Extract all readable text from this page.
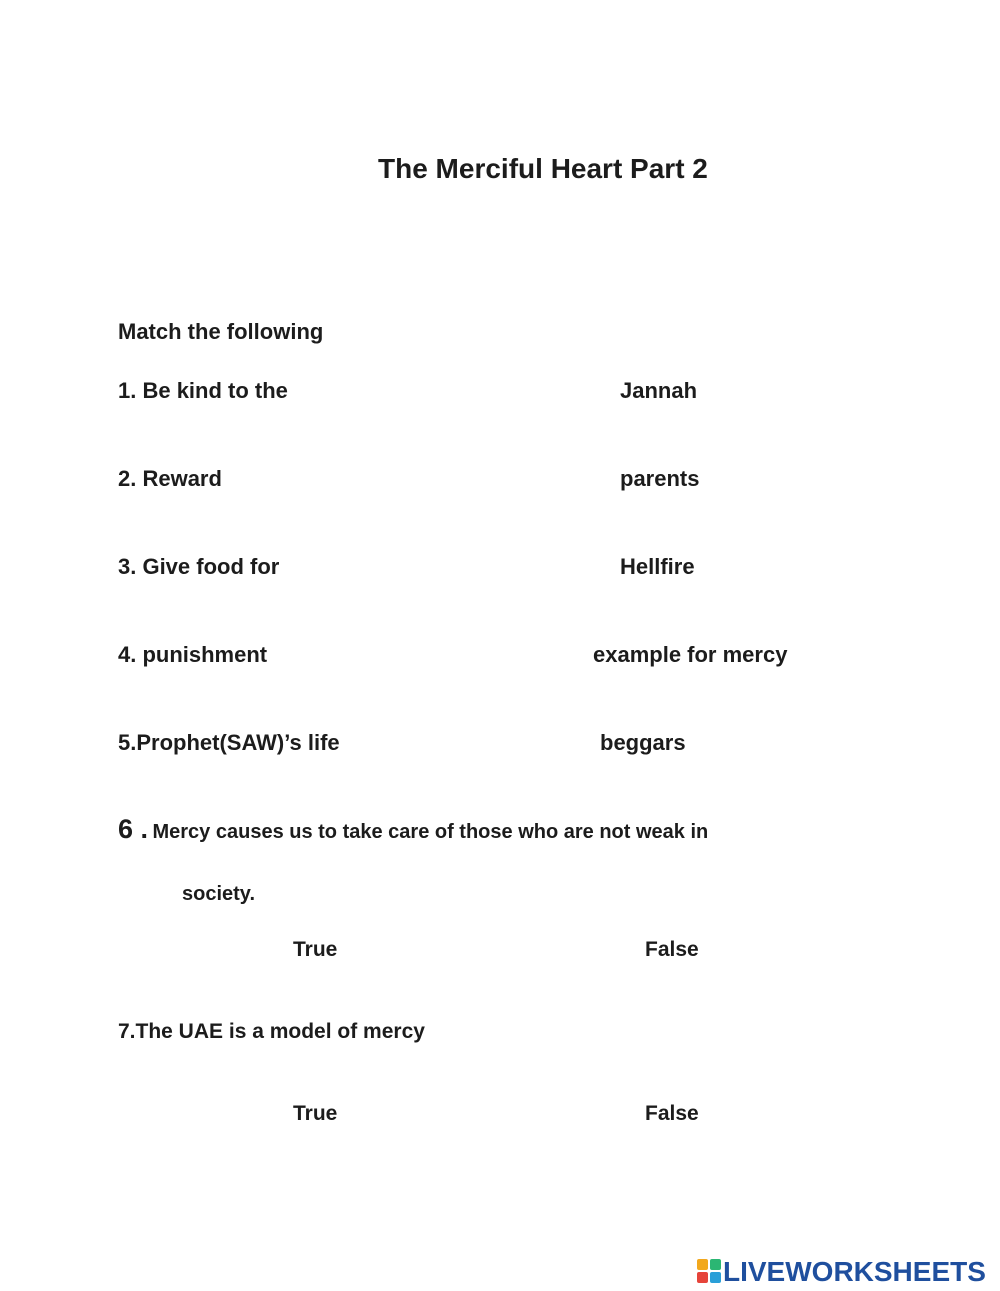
The Merciful Heart Part 2
Match the following
1. Be kind to the
2. Reward
3. Give food for
4. punishment
5.Prophet(SAW)’s life
Jannah
parents
Hellfire
example for mercy
beggars
6 . Mercy causes us to take care of those who are not weak in
society.
True	False
7.The UAE is a model of mercy
True	False
LIVEWORKSHEETS
